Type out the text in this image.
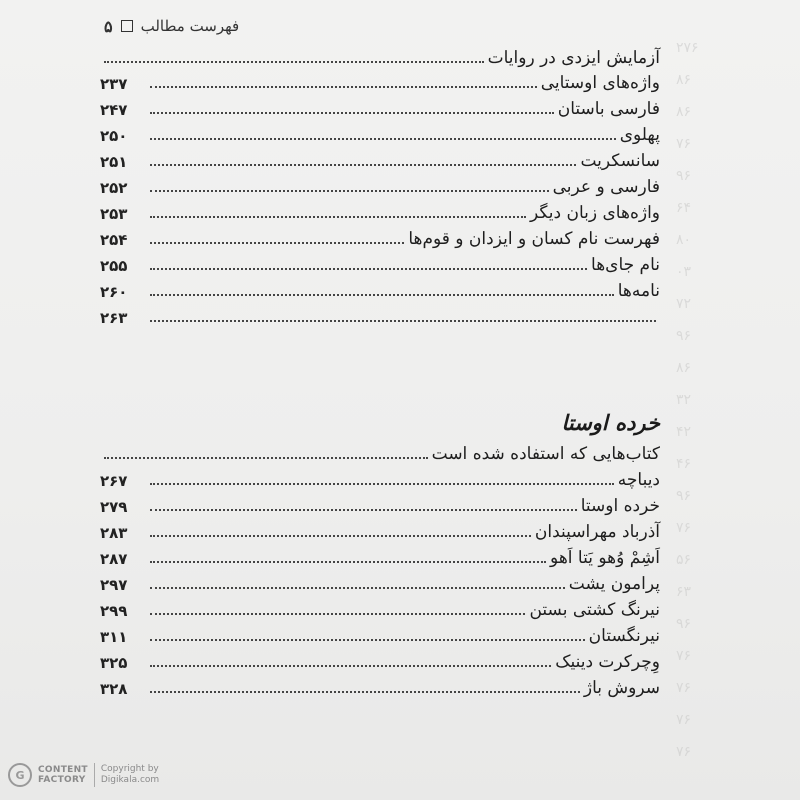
فهرست مطالب
۵
آزمایش ایزدی در روایات
واژه‌های اوستایی
۲۳۷
فارسی باستان
۲۴۷
پهلوی
۲۵۰
سانسکریت
۲۵۱
فارسی و عربی
۲۵۲
واژه‌های زبان دیگر
۲۵۳
فهرست نام کسان و ایزدان و قوم‌ها
۲۵۴
نام جای‌ها
۲۵۵
نامه‌ها
۲۶۰
۲۶۳
خرده اوستا
کتاب‌هایی که استفاده شده است
دیباچه
۲۶۷
خرده اوستا
۲۷۹
آذرباد مهراسپندان
۲۸۳
اَشِمْ وُهو یَتا اَهو
۲۸۷
پرامون یشت
۲۹۷
نیرنگ کشتی بستن
۲۹۹
نیرنگستان
۳۱۱
وِچرکرت دینیک
۳۲۵
سروش باژ
۳۲۸
۲۷۶
۸۶
۸۶
۷۶
۹۶
۶۴
۸۰
۰۳
۷۲
۹۶
۸۶
۳۲
۴۲
۴۶
۹۶
۷۶
۵۶
۶۳
۹۶
۷۶
۷۶
۷۶
۷۶
G	CONTENT
FACTORY
Copyright by
Digikala.com
